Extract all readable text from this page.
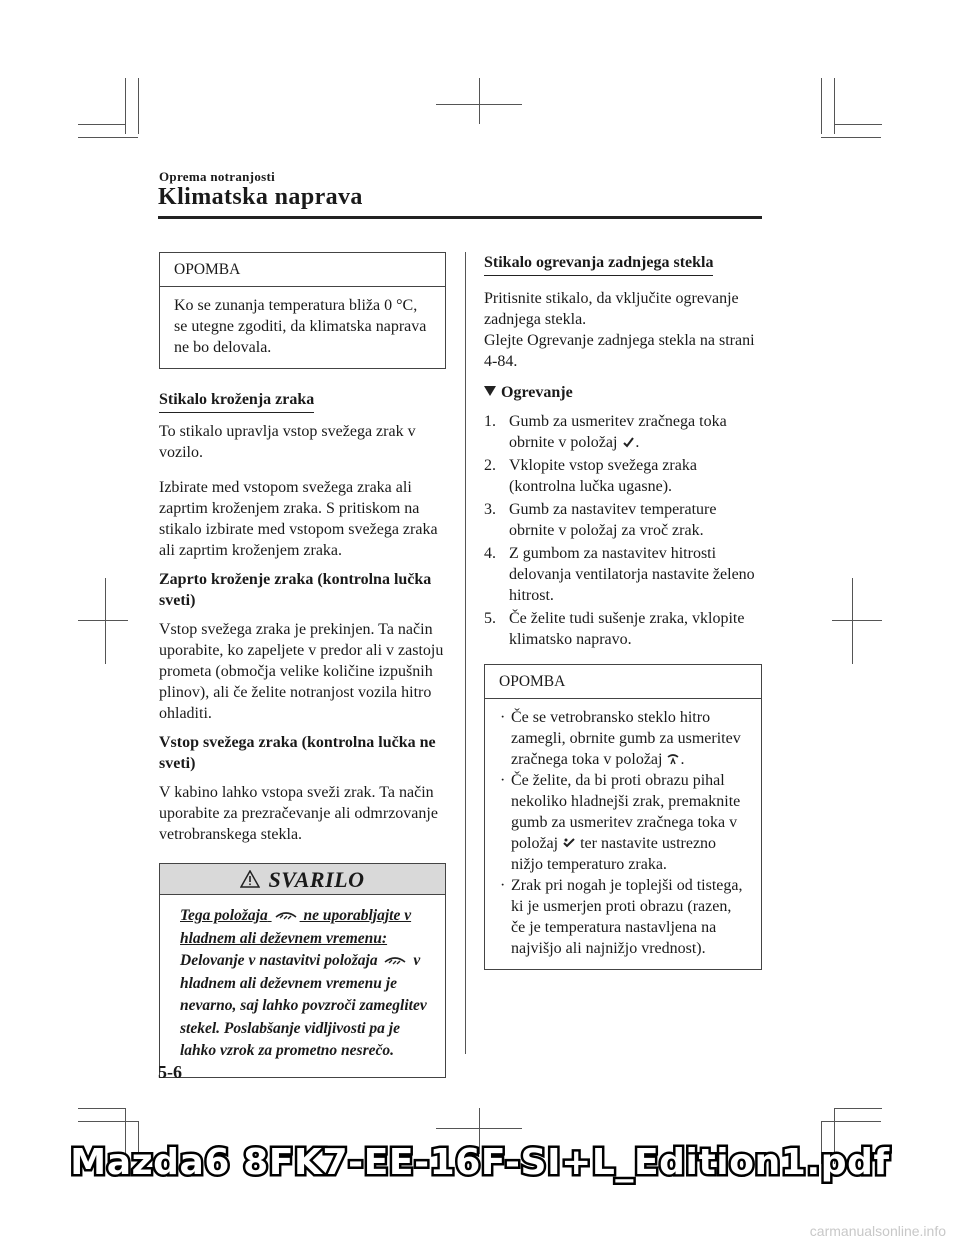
Oprema notranjosti
Klimatska naprava
OPOMBA
Ko se zunanja temperatura bliža 0 °C, se utegne zgoditi, da klimatska naprava ne bo delovala.
Stikalo kroženja zraka

To stikalo upravlja vstop svežega zrak v vozilo.

Izbirate med vstopom svežega zraka ali zaprtim kroženjem zraka. S pritiskom na stikalo izbirate med vstopom svežega zraka ali zaprtim kroženjem zraka.

Zaprto kroženje zraka (kontrolna lučka sveti)

Vstop svežega zraka je prekinjen. Ta način uporabite, ko zapeljete v predor ali v zastoju prometa (območja velike količine izpušnih plinov), ali če želite notranjost vozila hitro ohladiti.

Vstop svežega zraka (kontrolna lučka ne sveti)

V kabino lahko vstopa sveži zrak. Ta način uporabite za prezračevanje ali odmrzovanje vetrobranskega stekla.

SVARILO
Tega položaja  ne uporabljajte v hladnem ali deževnem vremenu:
Delovanje v nastavitvi položaja v hladnem ali deževnem vremenu je nevarno, saj lahko povzroči zameglitev stekel. Poslabšanje vidljivosti pa je lahko vzrok za prometno nesrečo.
Stikalo ogrevanja zadnjega stekla

Pritisnite stikalo, da vključite ogrevanje zadnjega stekla.

Glejte Ogrevanje zadnjega stekla na strani 4-84.

Ogrevanje

1. Gumb za usmeritev zračnega toka obrnite v položaj .
2. Vklopite vstop svežega zraka (kontrolna lučka ugasne).
3. Gumb za nastavitev temperature obrnite v položaj za vroč zrak.
4. Z gumbom za nastavitev hitrosti delovanja ventilatorja nastavite želeno hitrost.
5. Če želite tudi sušenje zraka, vklopite klimatsko napravo.
OPOMBA
· Če se vetrobransko steklo hitro zamegli, obrnite gumb za usmeritev zračnega toka v položaj .
· Če želite, da bi proti obrazu pihal nekoliko hladnejši zrak, premaknite gumb za usmeritev zračnega toka v položaj ter nastavite ustrezno nižjo temperaturo zraka.
· Zrak pri nogah je toplejši od tistega, ki je usmerjen proti obrazu (razen, če je temperatura nastavljena na najvišjo ali najnižjo vrednost).
5-6
Mazda6 8FK7-EE-16F-SI+L_Edition1.pdf
carmanualsonline.info
